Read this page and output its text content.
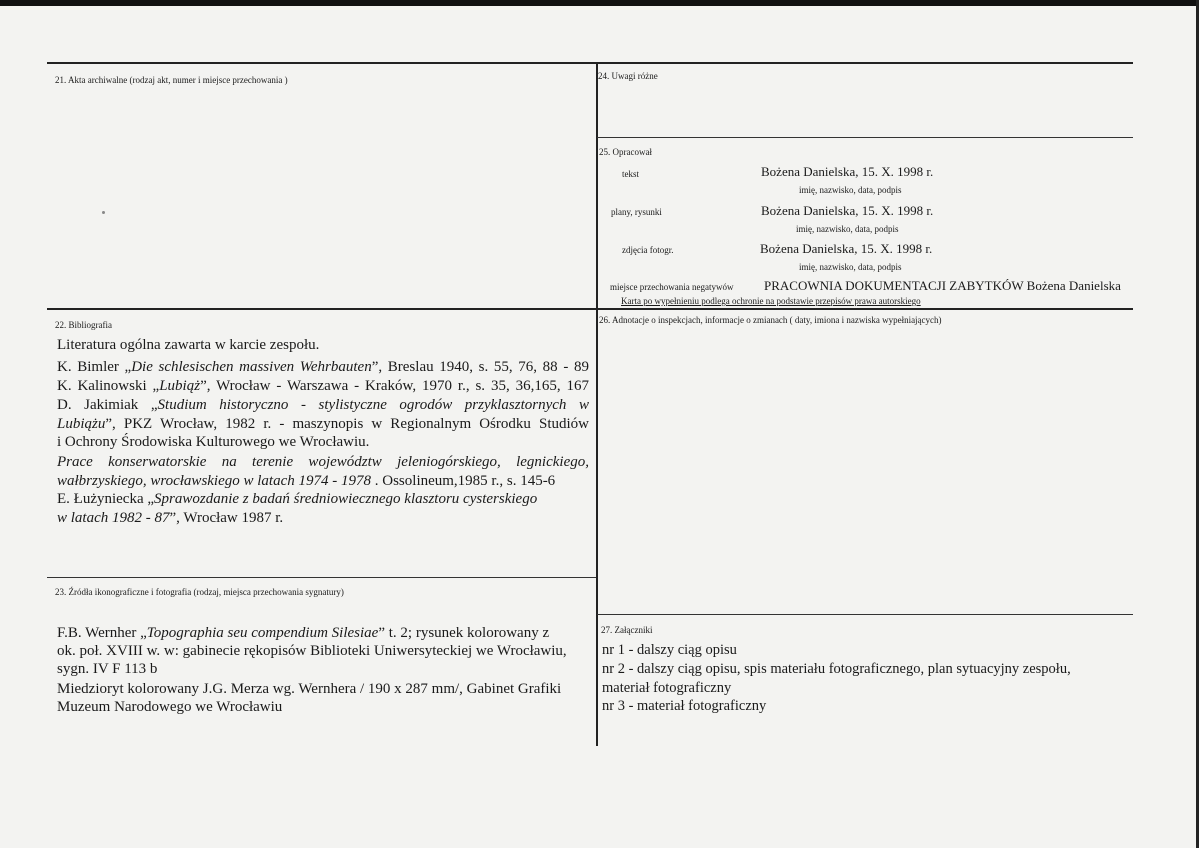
21. Akta archiwalne (rodzaj akt, numer i miejsce przechowania )	24. Uwagi różne
25. Opracował
tekst	Bożena Danielska, 15. X. 1998 r.
imię, nazwisko, data, podpis
plany, rysunki	Bożena Danielska, 15. X. 1998 r.
imię, nazwisko, data, podpis
zdjęcia fotogr.	Bożena Danielska, 15. X. 1998 r.
imię, nazwisko, data, podpis
miejsce przechowania negatywów PRACOWNIA DOKUMENTACJI ZABYTKÓW Bożena Danielska
Karta po wypełnieniu podlega ochronie na podstawie przepisów prawa autorskiego
22. Bibliografia
Literatura ogólna zawarta w karcie zespołu.
K. Bimler „Die schlesischen massiven Wehrbauten”, Breslau 1940, s. 55, 76, 88 - 89
K. Kalinowski „Lubiąż”, Wrocław - Warszawa - Kraków, 1970 r., s. 35, 36,165, 167
D. Jakimiak „Studium historyczno - stylistyczne ogrodów przyklasztornych w
Lubiążu”, PKZ Wrocław, 1982 r. - maszynopis w Regionalnym Ośrodku Studiów
i Ochrony Środowiska Kulturowego we Wrocławiu.
Prace konserwatorskie na terenie województw jeleniogórskiego, legnickiego,
wałbrzyskiego, wrocławskiego w latach 1974 - 1978 . Ossolineum,1985 r., s. 145-6
E. Łużyniecka „Sprawozdanie z badań średniowiecznego klasztoru cysterskiego
w latach 1982 - 87”, Wrocław 1987 r.
23. Źródła ikonograficzne i fotografia (rodzaj, miejsca przechowania sygnatury)
F.B. Wernher „Topographia seu compendium Silesiae” t. 2; rysunek kolorowany z
ok. poł. XVIII w. w: gabinecie rękopisów Biblioteki Uniwersyteckiej we Wrocławiu,
sygn. IV F 113 b
Miedzioryt kolorowany J.G. Merza wg. Wernhera / 190 x 287 mm/, Gabinet Grafiki
Muzeum Narodowego we Wrocławiu
26. Adnotacje o inspekcjach, informacje o zmianach ( daty, imiona i nazwiska wypełniających)
27. Załączniki
nr 1 - dalszy ciąg opisu
nr 2 - dalszy ciąg opisu, spis materiału fotograficznego, plan sytuacyjny zespołu,
materiał fotograficzny
nr 3 - materiał fotograficzny
